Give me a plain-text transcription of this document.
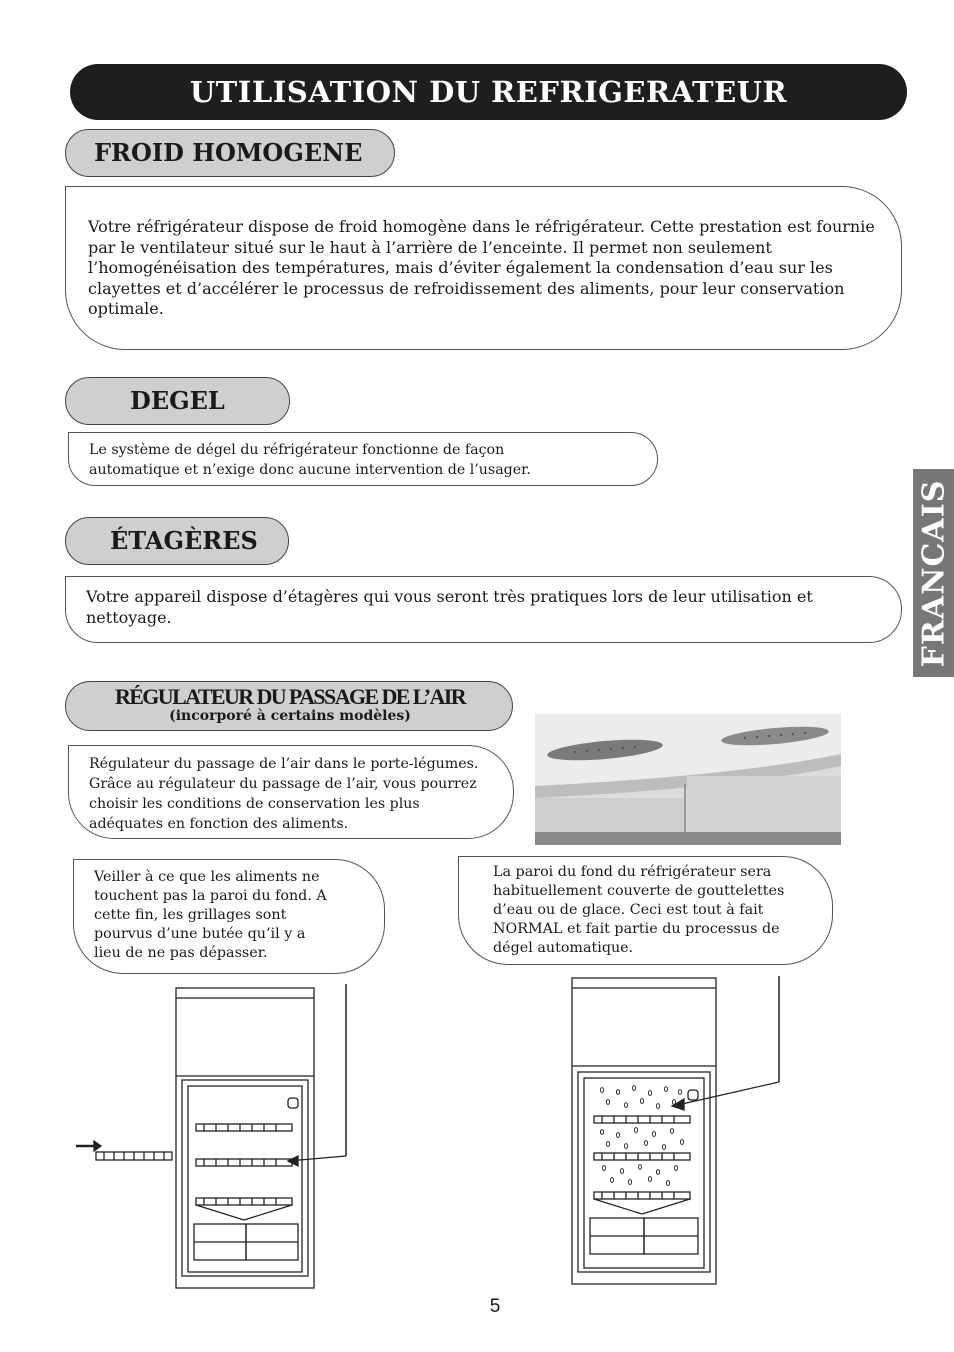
UTILISATION DU REFRIGERATEUR
FRANCAIS
FROID HOMOGENE
Votre réfrigérateur dispose de froid homogène dans le réfrigérateur. Cette prestation est fournie par le ventilateur situé sur le haut à l’arrière de l’enceinte. Il permet non seulement l’homogénéisation des températures, mais d’éviter également la condensation d’eau sur les clayettes et d’accélérer le processus de refroidissement des aliments, pour leur conservation optimale.
DEGEL
Le système de dégel du réfrigérateur fonctionne de façon automatique et n’exige donc aucune intervention de l’usager.
ÉTAGÈRES
Votre appareil dispose d’étagères qui vous seront très pratiques lors de leur utilisation et nettoyage.
RÉGULATEUR DU PASSAGE DE L’AIR
(incorporé à certains modèles)
Régulateur du passage de l’air dans le porte-légumes. Grâce au régulateur du passage de l’air, vous pourrez choisir les conditions de conservation les plus adéquates en fonction des aliments.
Veiller à ce que les aliments ne touchent pas la paroi du fond. A cette fin, les grillages sont pourvus d’une butée qu’il y a lieu de ne pas dépasser.
La paroi du fond du réfrigérateur sera habituellement couverte de gouttelettes d’eau ou de glace. Ceci est tout à fait NORMAL et fait partie du processus de dégel automatique.
5
